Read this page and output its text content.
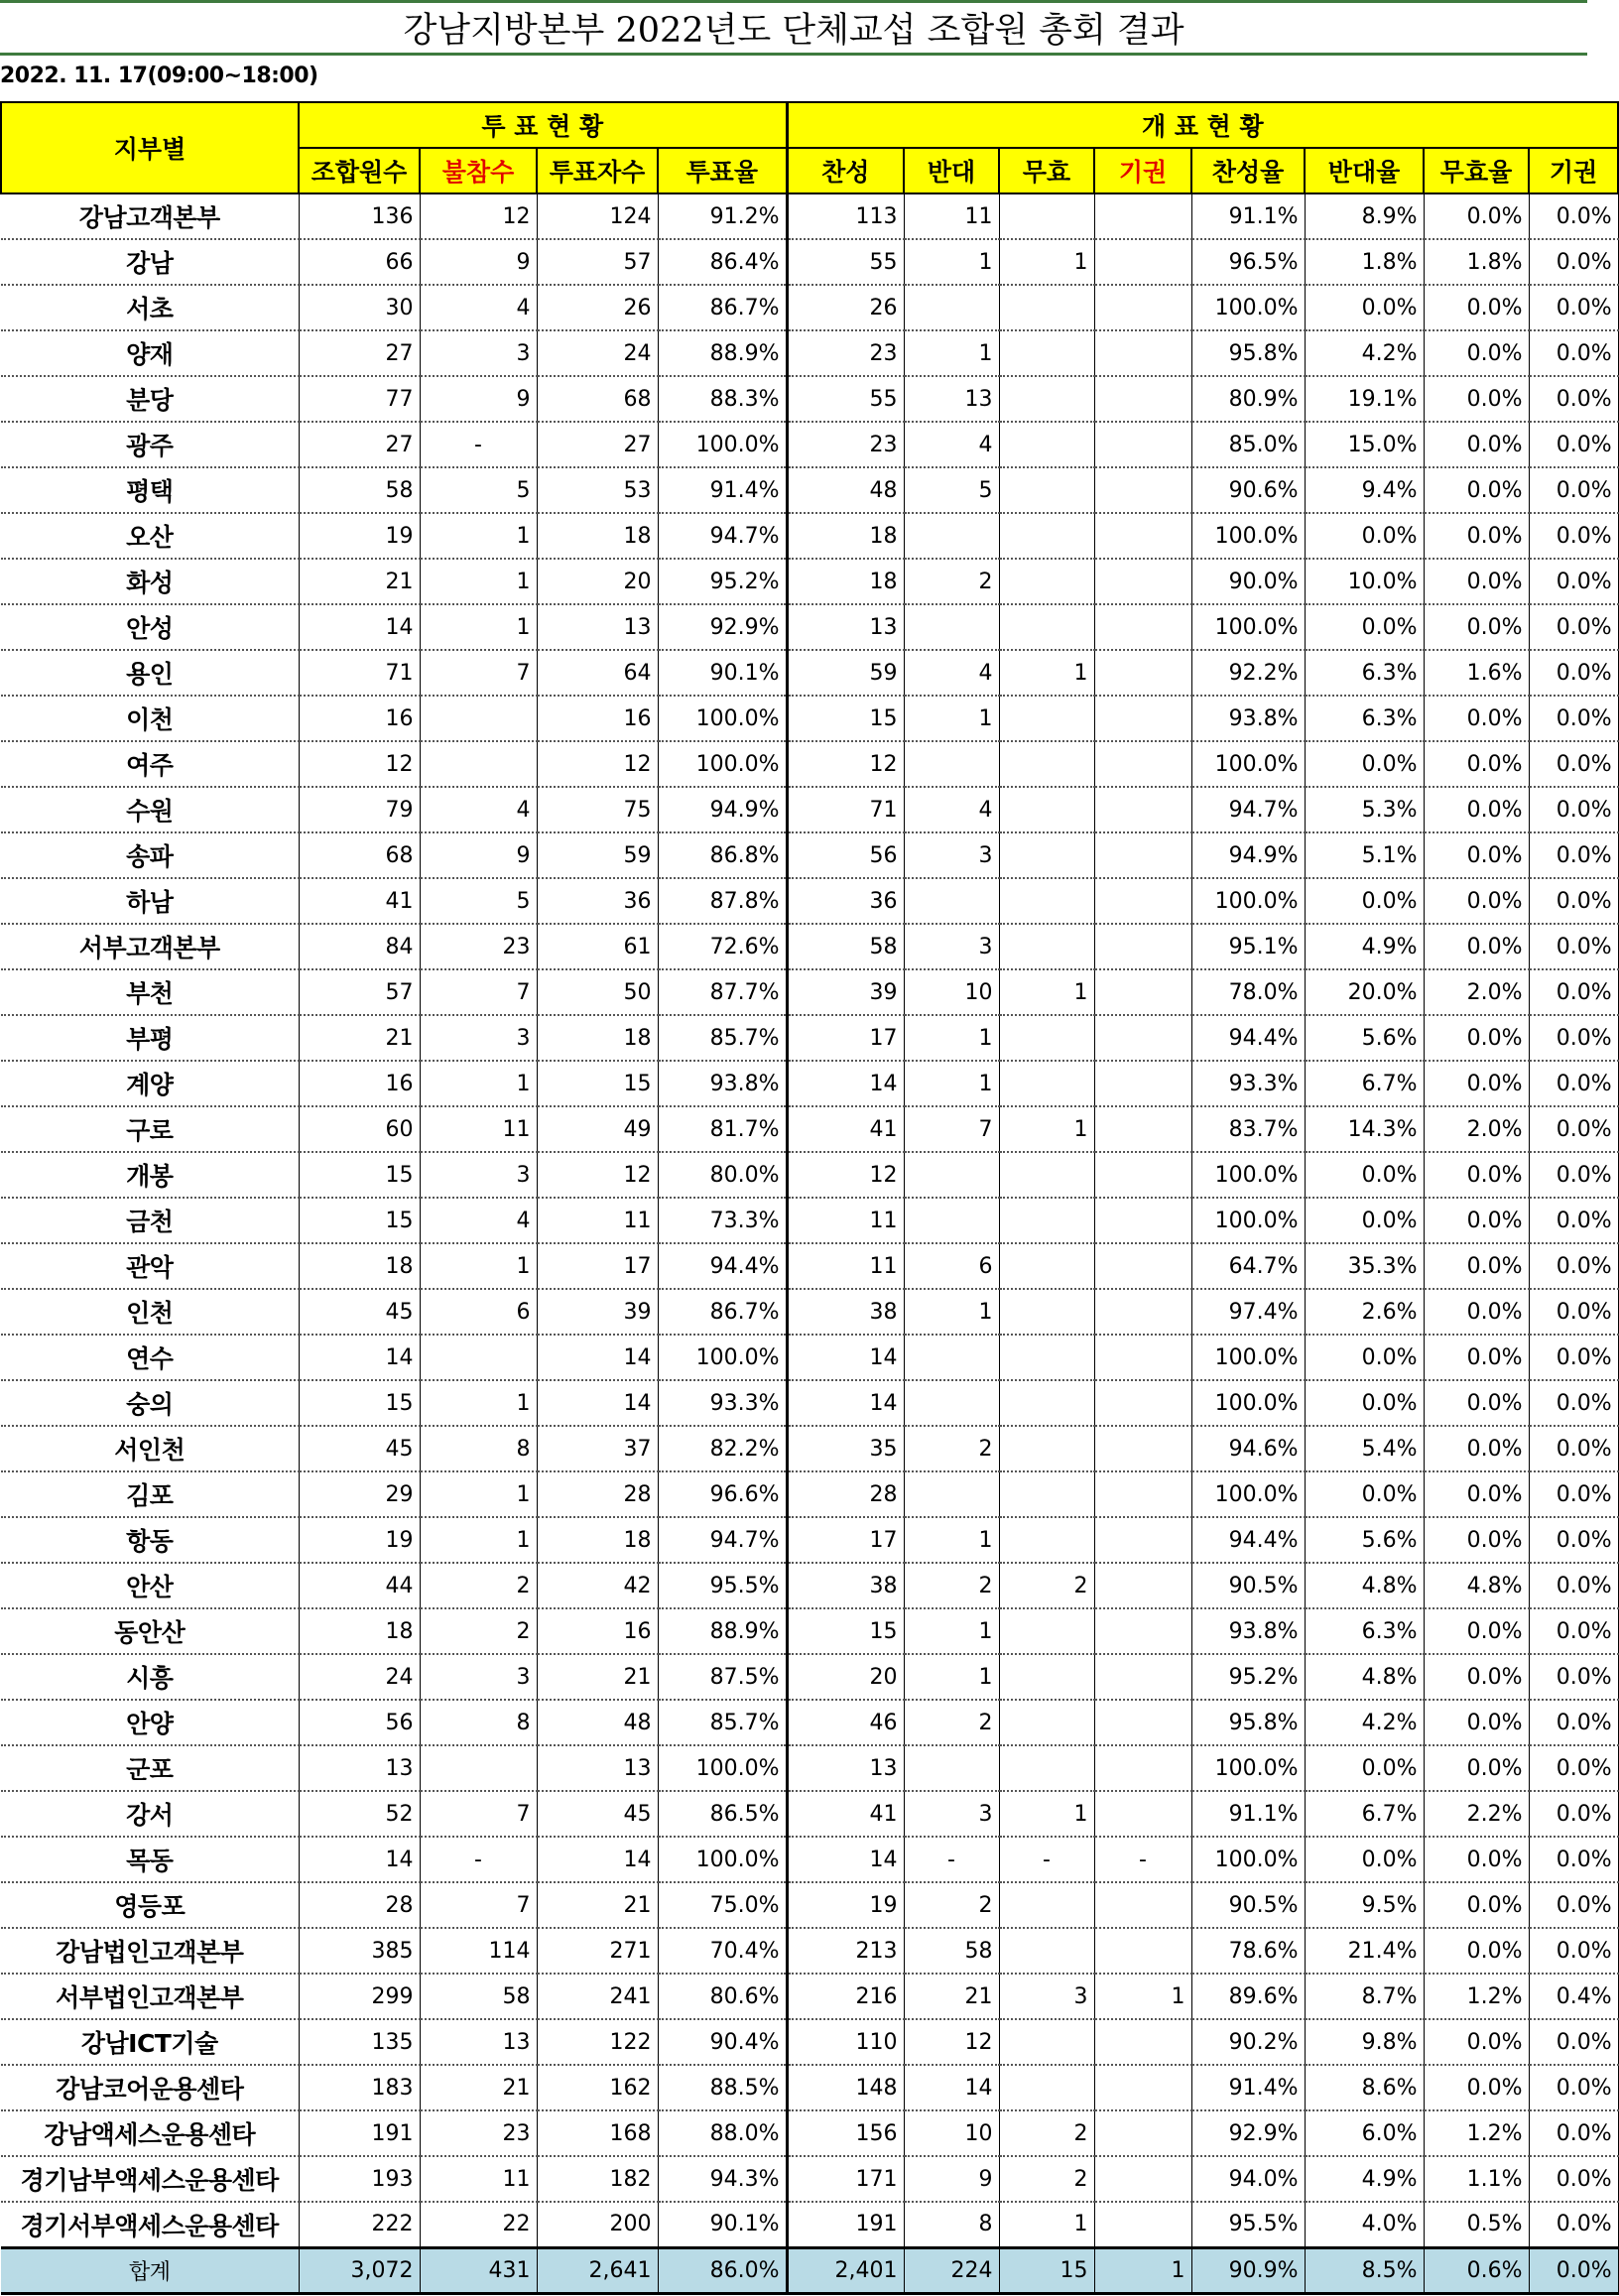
강남지방본부 2022년도 단체교섭 조합원 총회 결과
2022. 11. 17(09:00~18:00)
지부별	투 표 현 황				개 표 현 황							
	조합원수	불참수	투표자수	투표율	찬성	반대	무효	기권	찬성율	반대율	무효율	기권
강남고객본부	136	12	124	91.2%	113	11			91.1%	8.9%	0.0%	0.0%
강남	66	9	57	86.4%	55	1	1		96.5%	1.8%	1.8%	0.0%
서초	30	4	26	86.7%	26				100.0%	0.0%	0.0%	0.0%
양재	27	3	24	88.9%	23	1			95.8%	4.2%	0.0%	0.0%
분당	77	9	68	88.3%	55	13			80.9%	19.1%	0.0%	0.0%
광주	27	-	27	100.0%	23	4			85.0%	15.0%	0.0%	0.0%
평택	58	5	53	91.4%	48	5			90.6%	9.4%	0.0%	0.0%
오산	19	1	18	94.7%	18				100.0%	0.0%	0.0%	0.0%
화성	21	1	20	95.2%	18	2			90.0%	10.0%	0.0%	0.0%
안성	14	1	13	92.9%	13				100.0%	0.0%	0.0%	0.0%
용인	71	7	64	90.1%	59	4	1		92.2%	6.3%	1.6%	0.0%
이천	16		16	100.0%	15	1			93.8%	6.3%	0.0%	0.0%
여주	12		12	100.0%	12				100.0%	0.0%	0.0%	0.0%
수원	79	4	75	94.9%	71	4			94.7%	5.3%	0.0%	0.0%
송파	68	9	59	86.8%	56	3			94.9%	5.1%	0.0%	0.0%
하남	41	5	36	87.8%	36				100.0%	0.0%	0.0%	0.0%
서부고객본부	84	23	61	72.6%	58	3			95.1%	4.9%	0.0%	0.0%
부천	57	7	50	87.7%	39	10	1		78.0%	20.0%	2.0%	0.0%
부평	21	3	18	85.7%	17	1			94.4%	5.6%	0.0%	0.0%
계양	16	1	15	93.8%	14	1			93.3%	6.7%	0.0%	0.0%
구로	60	11	49	81.7%	41	7	1		83.7%	14.3%	2.0%	0.0%
개봉	15	3	12	80.0%	12				100.0%	0.0%	0.0%	0.0%
금천	15	4	11	73.3%	11				100.0%	0.0%	0.0%	0.0%
관악	18	1	17	94.4%	11	6			64.7%	35.3%	0.0%	0.0%
인천	45	6	39	86.7%	38	1			97.4%	2.6%	0.0%	0.0%
연수	14		14	100.0%	14				100.0%	0.0%	0.0%	0.0%
숭의	15	1	14	93.3%	14				100.0%	0.0%	0.0%	0.0%
서인천	45	8	37	82.2%	35	2			94.6%	5.4%	0.0%	0.0%
김포	29	1	28	96.6%	28				100.0%	0.0%	0.0%	0.0%
항동	19	1	18	94.7%	17	1			94.4%	5.6%	0.0%	0.0%
안산	44	2	42	95.5%	38	2	2		90.5%	4.8%	4.8%	0.0%
동안산	18	2	16	88.9%	15	1			93.8%	6.3%	0.0%	0.0%
시흥	24	3	21	87.5%	20	1			95.2%	4.8%	0.0%	0.0%
안양	56	8	48	85.7%	46	2			95.8%	4.2%	0.0%	0.0%
군포	13		13	100.0%	13				100.0%	0.0%	0.0%	0.0%
강서	52	7	45	86.5%	41	3	1		91.1%	6.7%	2.2%	0.0%
목동	14	-	14	100.0%	14	-	-	-	100.0%	0.0%	0.0%	0.0%
영등포	28	7	21	75.0%	19	2			90.5%	9.5%	0.0%	0.0%
강남법인고객본부	385	114	271	70.4%	213	58			78.6%	21.4%	0.0%	0.0%
서부법인고객본부	299	58	241	80.6%	216	21	3	1	89.6%	8.7%	1.2%	0.4%
강남ICT기술	135	13	122	90.4%	110	12			90.2%	9.8%	0.0%	0.0%
강남코어운용센타	183	21	162	88.5%	148	14			91.4%	8.6%	0.0%	0.0%
강남액세스운용센타	191	23	168	88.0%	156	10	2		92.9%	6.0%	1.2%	0.0%
경기남부액세스운용센타	193	11	182	94.3%	171	9	2		94.0%	4.9%	1.1%	0.0%
경기서부액세스운용센타	222	22	200	90.1%	191	8	1		95.5%	4.0%	0.5%	0.0%
합계	3,072	431	2,641	86.0%	2,401	224	15	1	90.9%	8.5%	0.6%	0.0%
